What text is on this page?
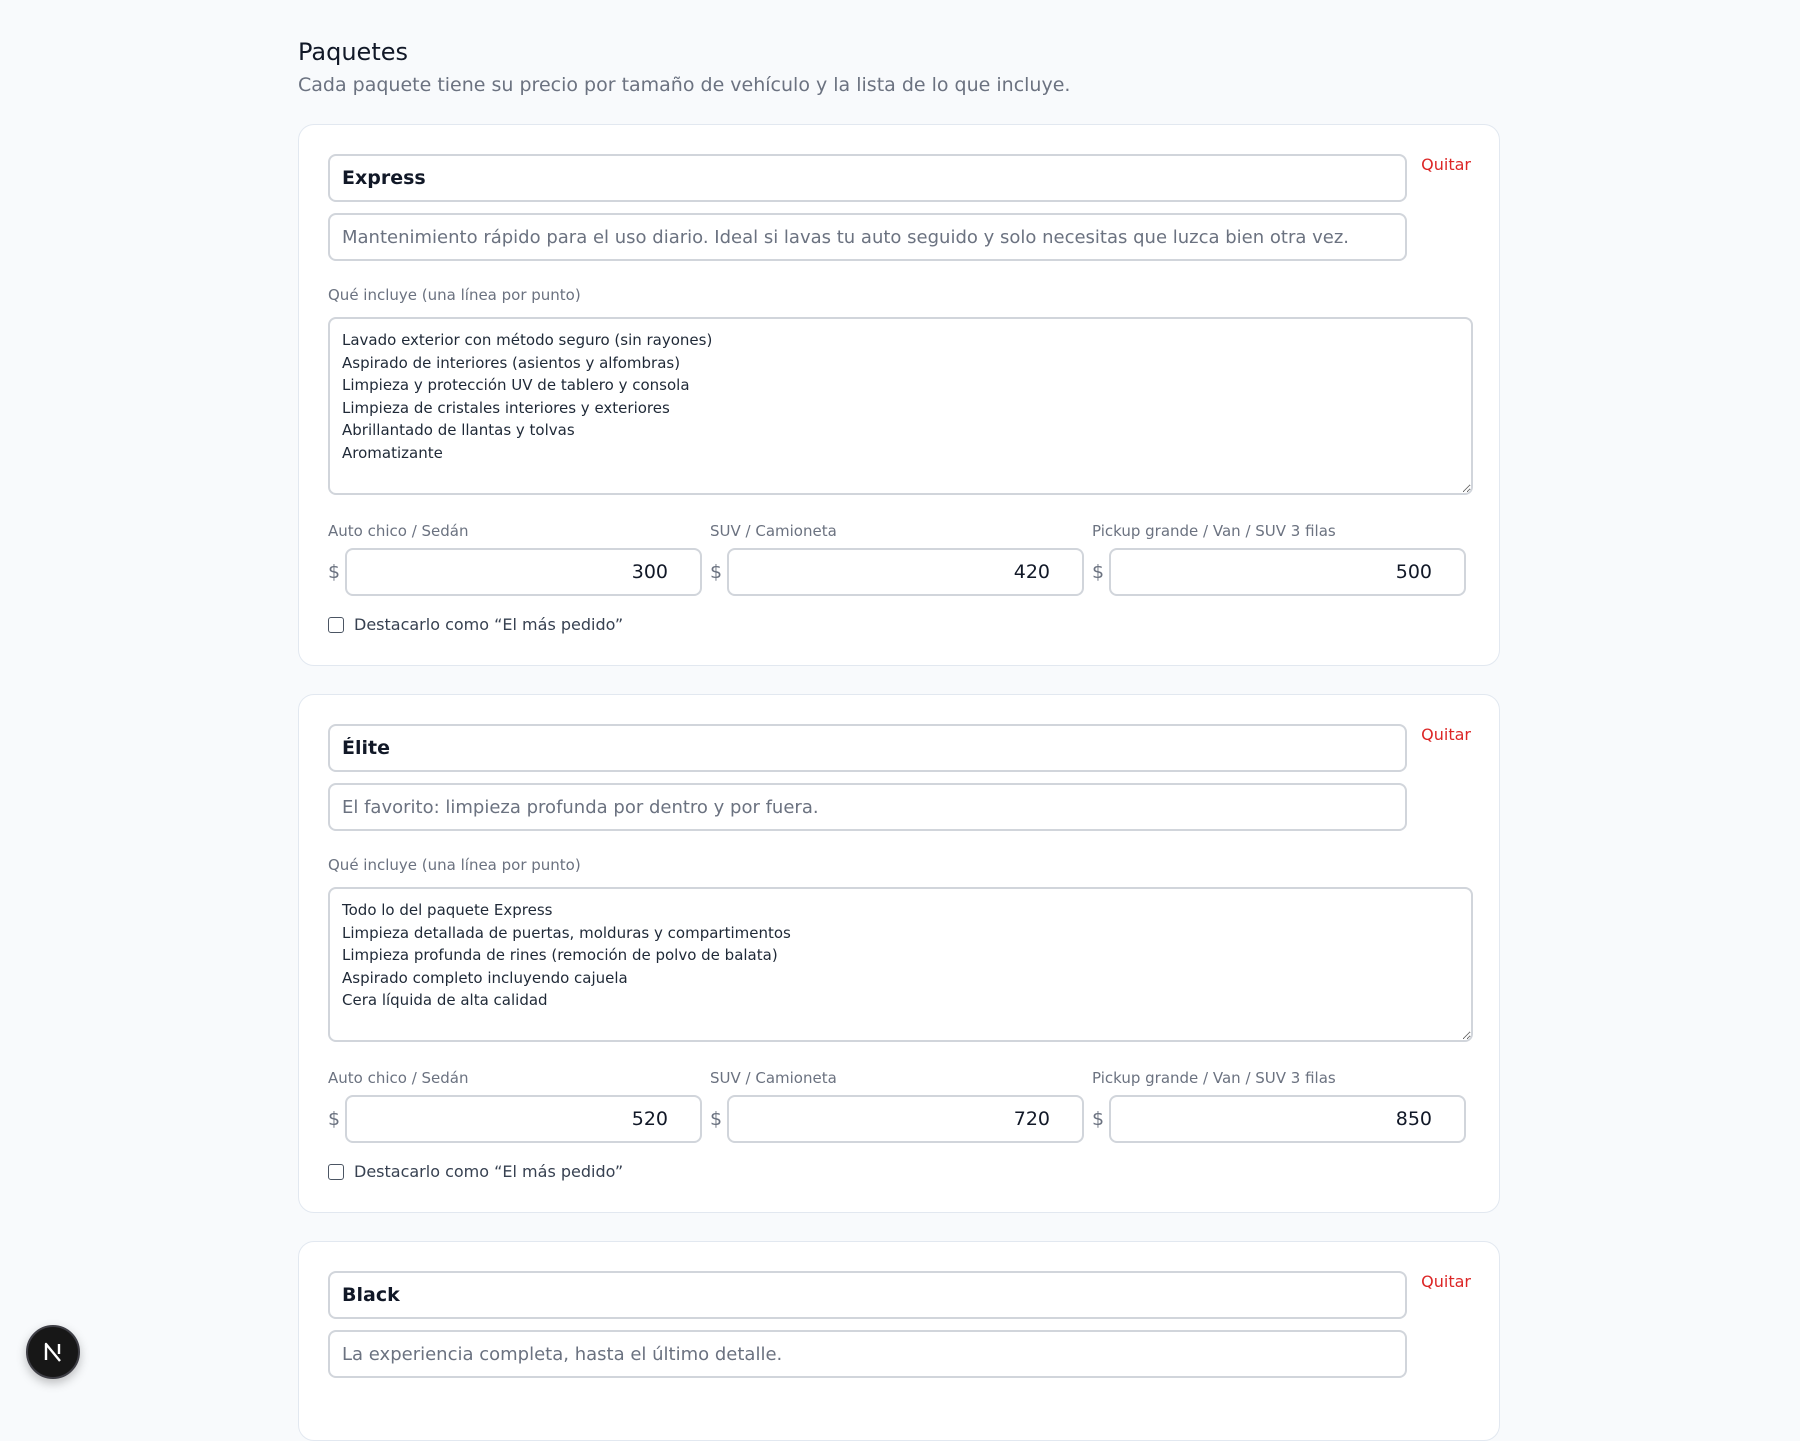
Paquetes

Cada paquete tiene su precio por tamaño de vehículo y la lista de lo que incluye.

Express
Mantenimiento rápido para el uso diario. Ideal si lavas tu auto seguido y solo necesitas que luzca bien otra vez.
Quitar
Qué incluye (una línea por punto)
Lavado exterior con método seguro (sin rayones) Aspirado de interiores (asientos y alfombras) Limpieza y protección UV de tablero y consola Limpieza de cristales interiores y exteriores Abrillantado de llantas y tolvas Aromatizante
Auto chico / Sedán
$
300
SUV / Camioneta
$
420
Pickup grande / Van / SUV 3 filas
$
500
Destacarlo como “El más pedido”
Élite
El favorito: limpieza profunda por dentro y por fuera.
Quitar
Qué incluye (una línea por punto)
Todo lo del paquete Express Limpieza detallada de puertas, molduras y compartimentos Limpieza profunda de rines (remoción de polvo de balata) Aspirado completo incluyendo cajuela Cera líquida de alta calidad
Auto chico / Sedán
$
520
SUV / Camioneta
$
720
Pickup grande / Van / SUV 3 filas
$
850
Destacarlo como “El más pedido”
Black
La experiencia completa, hasta el último detalle.
Quitar
